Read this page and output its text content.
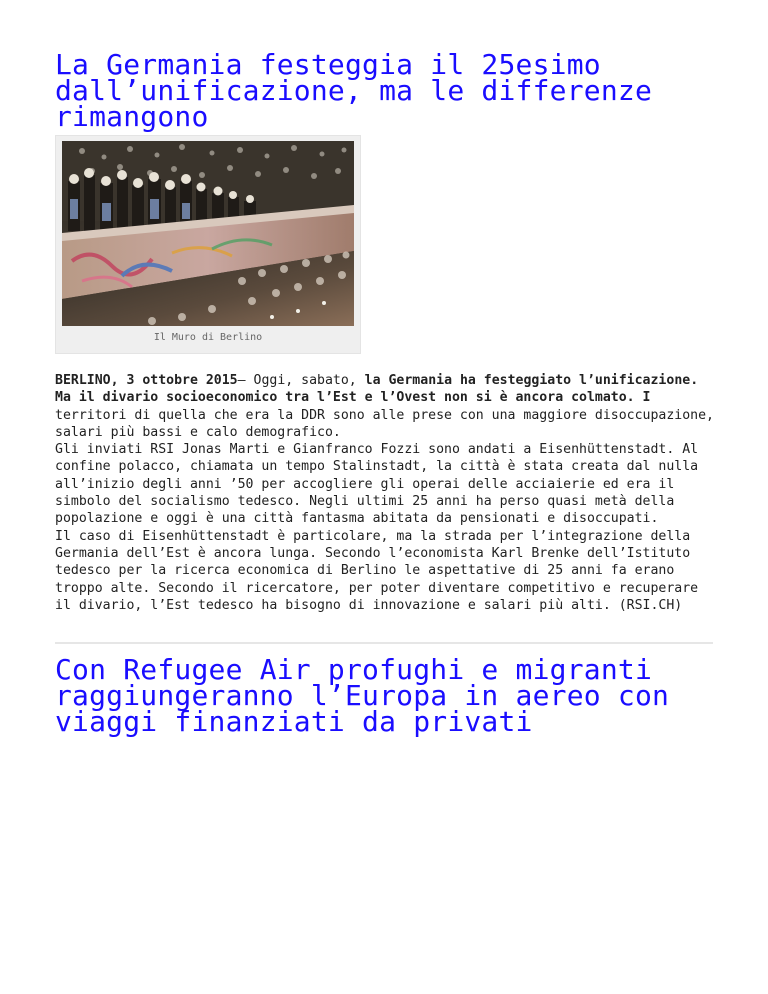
La Germania festeggia il 25esimo dall’unificazione, ma le differenze rimangono
Il Muro di Berlino

BERLINO, 3 ottobre 2015– Oggi, sabato, la Germania ha festeggiato l’unificazione. Ma il divario socioeconomico tra l’Est e l’Ovest non si è ancora colmato. I territori di quella che era la DDR sono alle prese con una maggiore disoccupazione, salari più bassi e calo demografico.

Gli inviati RSI Jonas Marti e Gianfranco Fozzi sono andati a Eisenhüttenstadt. Al confine polacco, chiamata un tempo Stalinstadt, la città è stata creata dal nulla all’inizio degli anni ’50 per accogliere gli operai delle acciaierie ed era il simbolo del socialismo tedesco. Negli ultimi 25 anni ha perso quasi metà della popolazione e oggi è una città fantasma abitata da pensionati e disoccupati.

Il caso di Eisenhüttenstadt è particolare, ma la strada per l’integrazione della Germania dell’Est è ancora lunga. Secondo l’economista Karl Brenke dell’Istituto tedesco per la ricerca economica di Berlino le aspettative di 25 anni fa erano troppo alte. Secondo il ricercatore, per poter diventare competitivo e recuperare il divario, l’Est tedesco ha bisogno di innovazione e salari più alti. (RSI.CH)

Con Refugee Air profughi e migranti raggiungeranno l’Europa in aereo con viaggi finanziati da privati
